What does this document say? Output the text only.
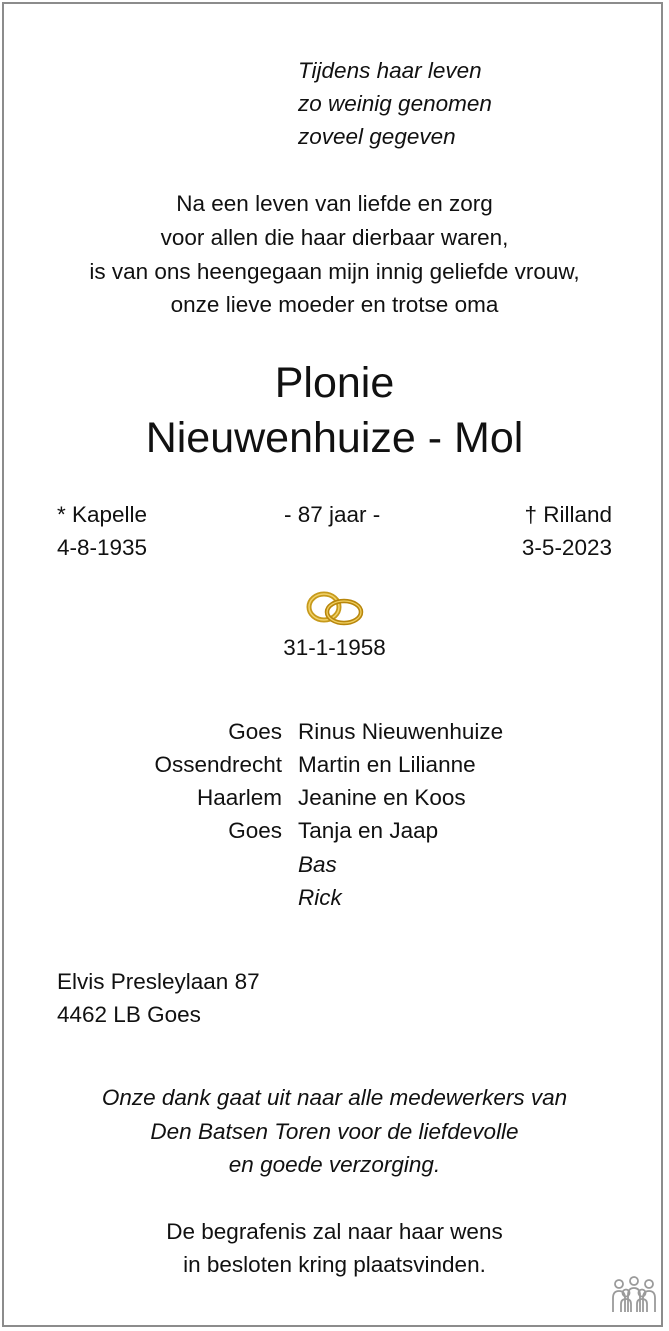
Tijdens haar leven
zo weinig genomen
zoveel gegeven
Na een leven van liefde en zorg
voor allen die haar dierbaar waren,
is van ons heengegaan mijn innig geliefde vrouw,
onze lieve moeder en trotse oma
Plonie
Nieuwenhuize - Mol
* Kapelle
4-8-1935
- 87 jaar -	† Rilland
3-5-2023
31-1-1958
Goes Rinus Nieuwenhuize
Ossendrecht Martin en Lilianne
Haarlem Jeanine en Koos
Goes Tanja en Jaap
Bas
Rick
Elvis Presleylaan 87
4462 LB Goes
Onze dank gaat uit naar alle medewerkers van
Den Batsen Toren voor de liefdevolle
en goede verzorging.
De begrafenis zal naar haar wens
in besloten kring plaatsvinden.
